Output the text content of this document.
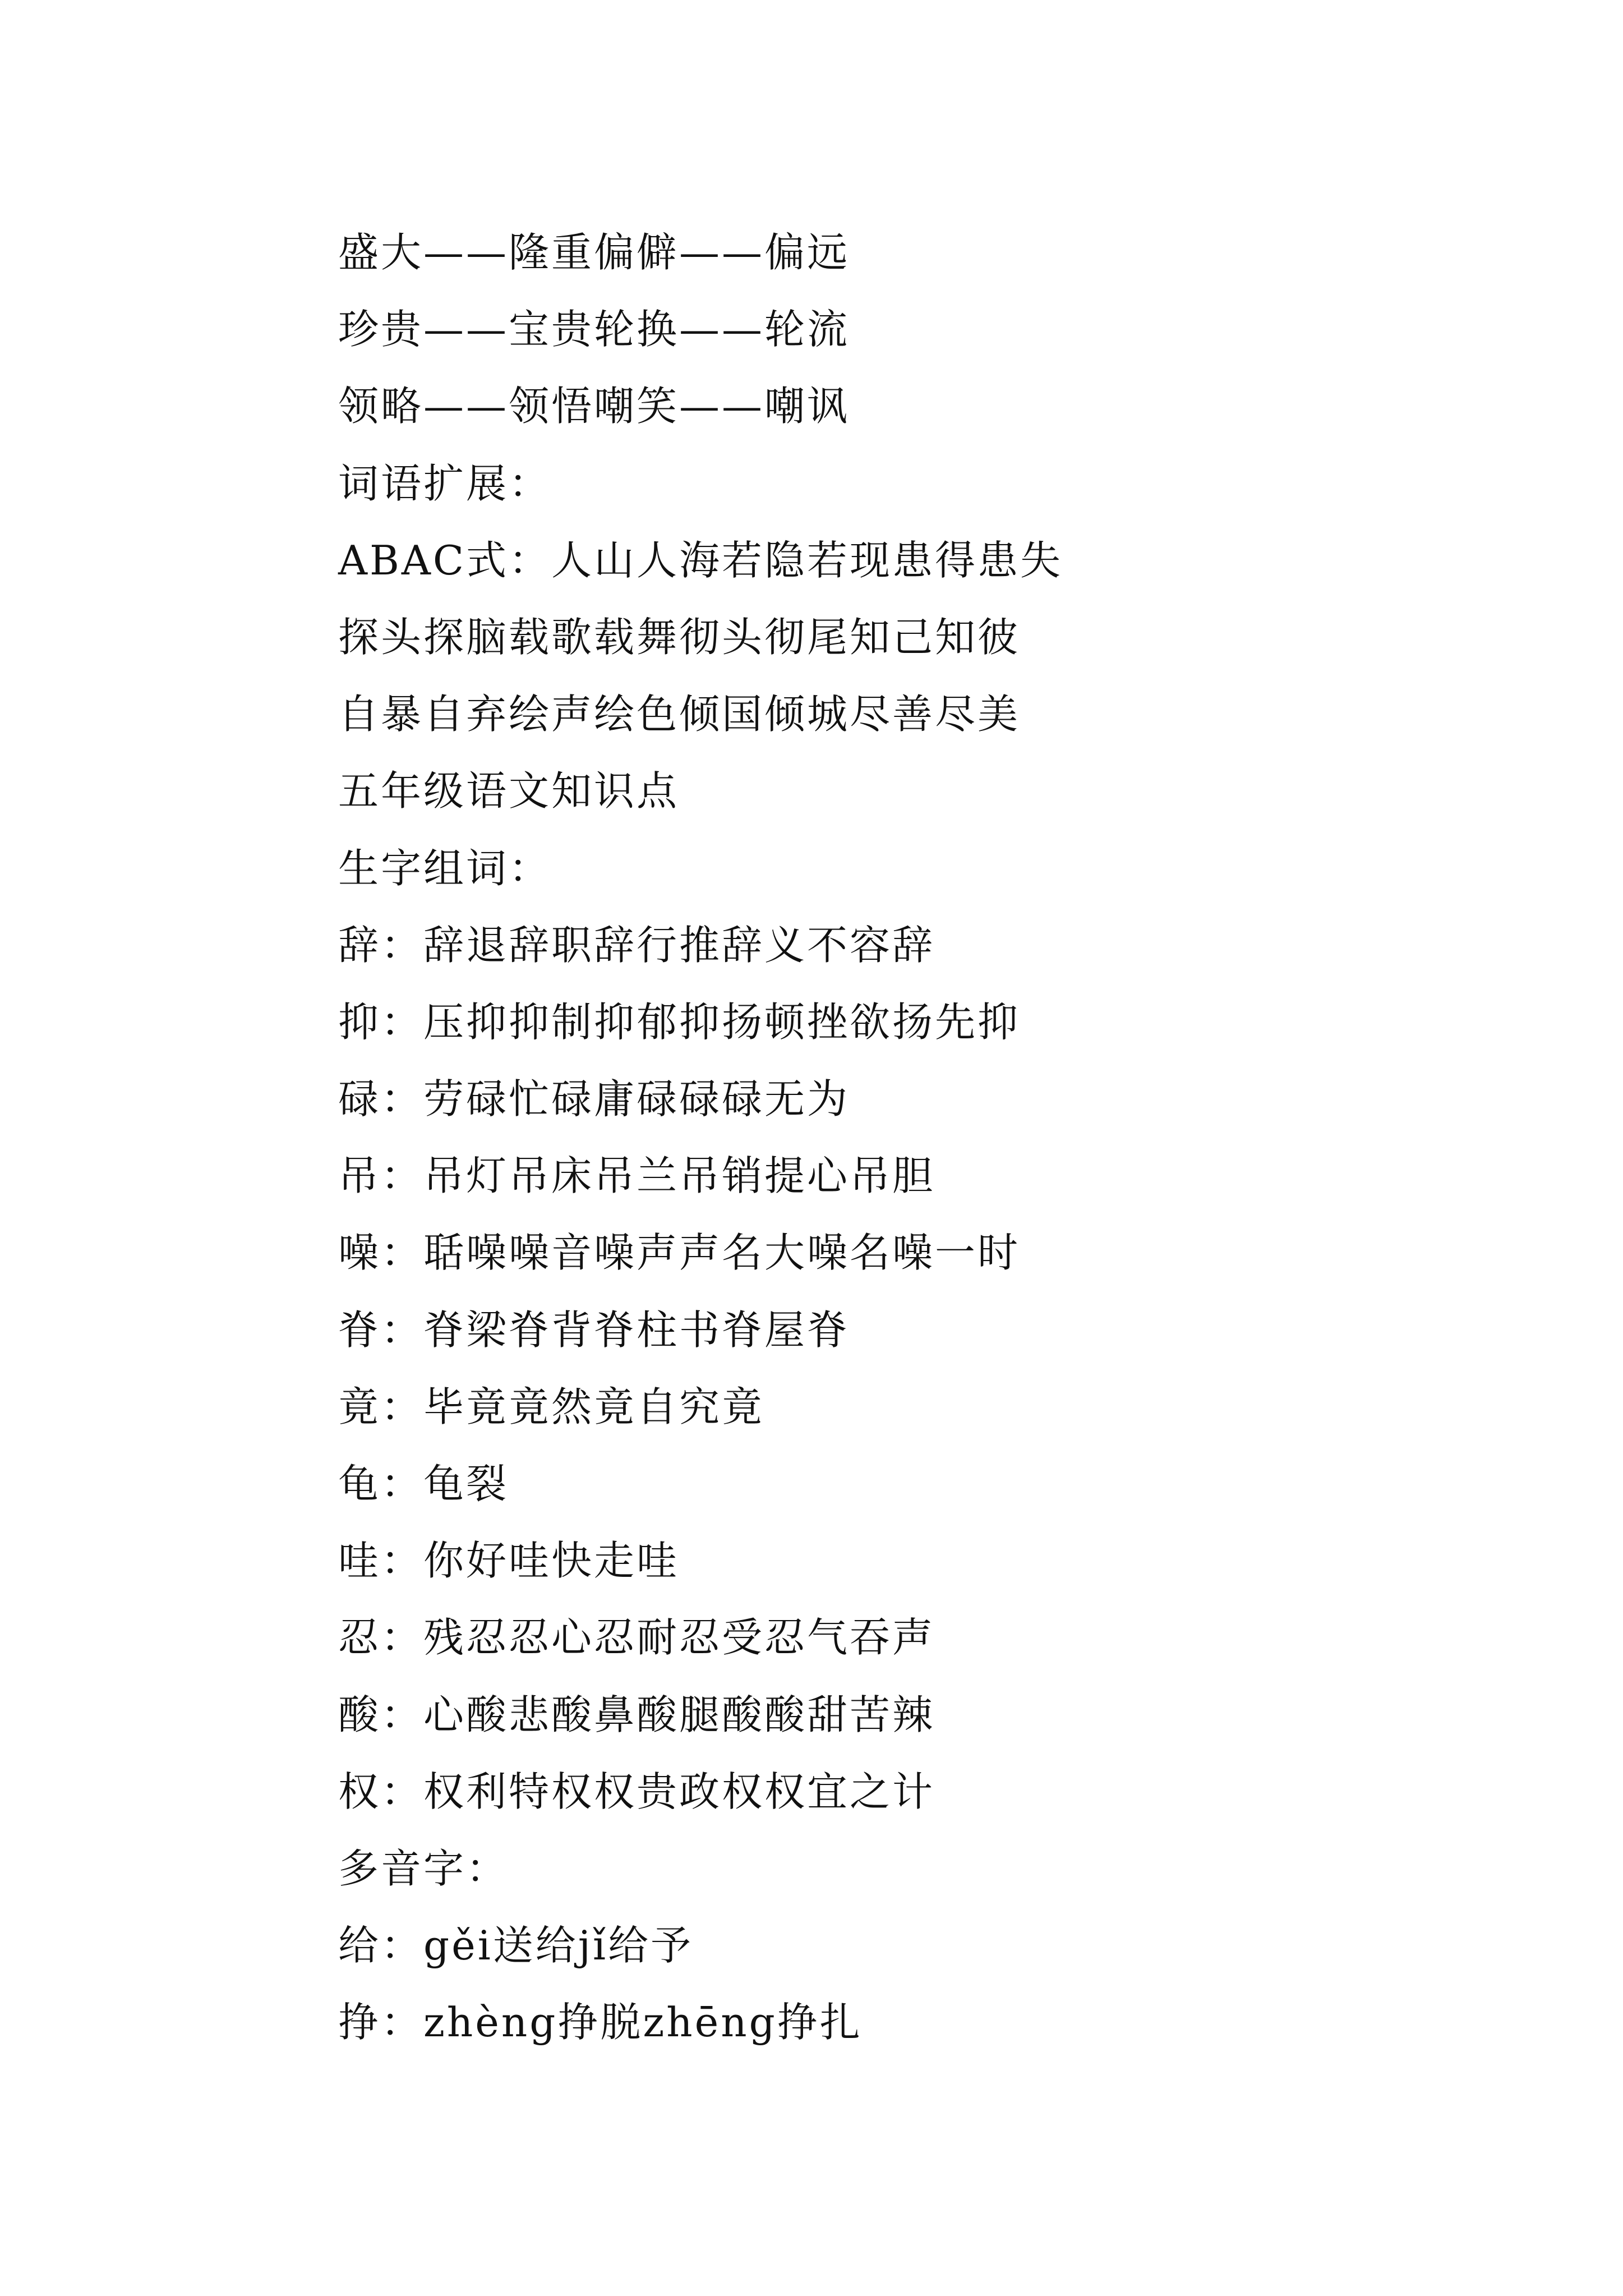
盛大——隆重偏僻——偏远

珍贵——宝贵轮换——轮流

领略——领悟嘲笑——嘲讽

词语扩展：

ABAC式：人山人海若隐若现患得患失

探头探脑载歌载舞彻头彻尾知己知彼

自暴自弃绘声绘色倾国倾城尽善尽美

五年级语文知识点

生字组词：

辞：辞退辞职辞行推辞义不容辞

抑：压抑抑制抑郁抑扬顿挫欲扬先抑

碌：劳碌忙碌庸碌碌碌无为

吊：吊灯吊床吊兰吊销提心吊胆

噪：聒噪噪音噪声声名大噪名噪一时

脊：脊梁脊背脊柱书脊屋脊

竟：毕竟竟然竟自究竟

龟：龟裂

哇：你好哇快走哇

忍：残忍忍心忍耐忍受忍气吞声

酸：心酸悲酸鼻酸腿酸酸甜苦辣

权：权利特权权贵政权权宜之计

多音字：

给：gěi送给jǐ给予

挣：zhèng挣脱zhēng挣扎
